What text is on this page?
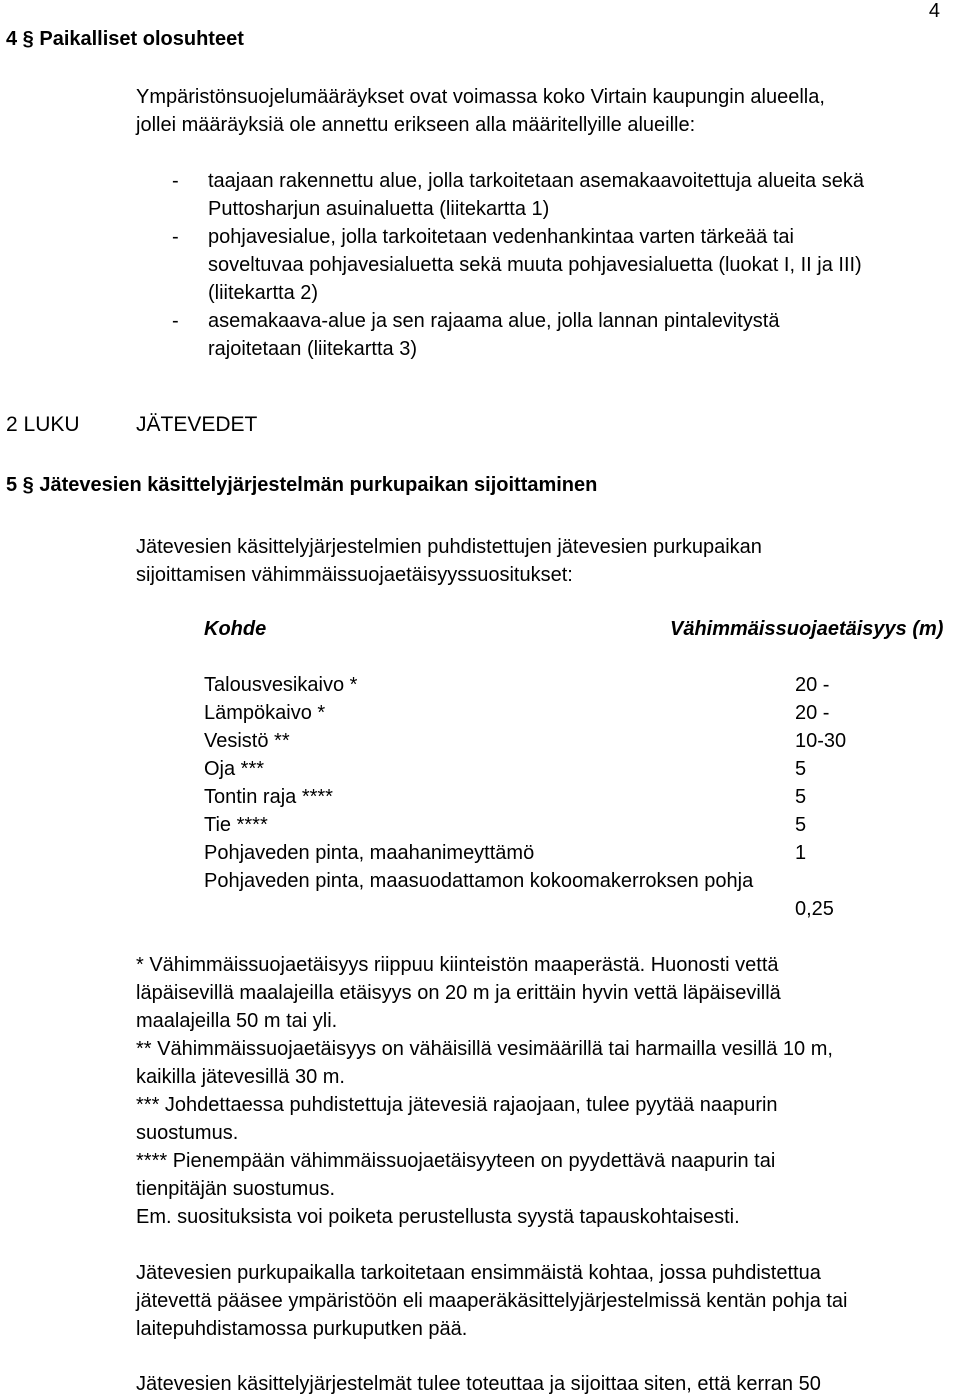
4
4 § Paikalliset olosuhteet
Ympäristönsuojelumääräykset ovat voimassa koko Virtain kaupungin alueella,
jollei määräyksiä ole annettu erikseen alla määritellyille alueille:
- taajaan rakennettu alue, jolla tarkoitetaan asemakaavoitettuja alueita sekä
Puttosharjun asuinaluetta (liitekartta 1)
- pohjavesialue, jolla tarkoitetaan vedenhankintaa varten tärkeää tai
soveltuvaa pohjavesialuetta sekä muuta pohjavesialuetta (luokat I, II ja III)
(liitekartta 2)
- asemakaava-alue ja sen rajaama alue, jolla lannan pintalevitystä
rajoitetaan (liitekartta 3)
2 LUKU	JÄTEVEDET
5 § Jätevesien käsittelyjärjestelmän purkupaikan sijoittaminen
Jätevesien käsittelyjärjestelmien puhdistettujen jätevesien purkupaikan
sijoittamisen vähimmäissuojaetäisyyssuositukset:
Kohde	Vähimmäissuojaetäisyys (m)
Talousvesikaivo *	20 -
Lämpökaivo *	20 -
Vesistö **	10-30
Oja ***	5
Tontin raja ****	5
Tie ****	5
Pohjaveden pinta, maahanimeyttämö	1
Pohjaveden pinta, maasuodattamon kokoomakerroksen pohja
0,25
* Vähimmäissuojaetäisyys riippuu kiinteistön maaperästä. Huonosti vettä
läpäisevillä maalajeilla etäisyys on 20 m ja erittäin hyvin vettä läpäisevillä
maalajeilla 50 m tai yli.
** Vähimmäissuojaetäisyys on vähäisillä vesimäärillä tai harmailla vesillä 10 m,
kaikilla jätevesillä 30 m.
*** Johdettaessa puhdistettuja jätevesiä rajaojaan, tulee pyytää naapurin
suostumus.
**** Pienempään vähimmäissuojaetäisyyteen on pyydettävä naapurin tai
tienpitäjän suostumus.
Em. suosituksista voi poiketa perustellusta syystä tapauskohtaisesti.
Jätevesien purkupaikalla tarkoitetaan ensimmäistä kohtaa, jossa puhdistettua
jätevettä pääsee ympäristöön eli maaperäkäsittelyjärjestelmissä kentän pohja tai
laitepuhdistamossa purkuputken pää.
Jätevesien käsittelyjärjestelmät tulee toteuttaa ja sijoittaa siten, että kerran 50
